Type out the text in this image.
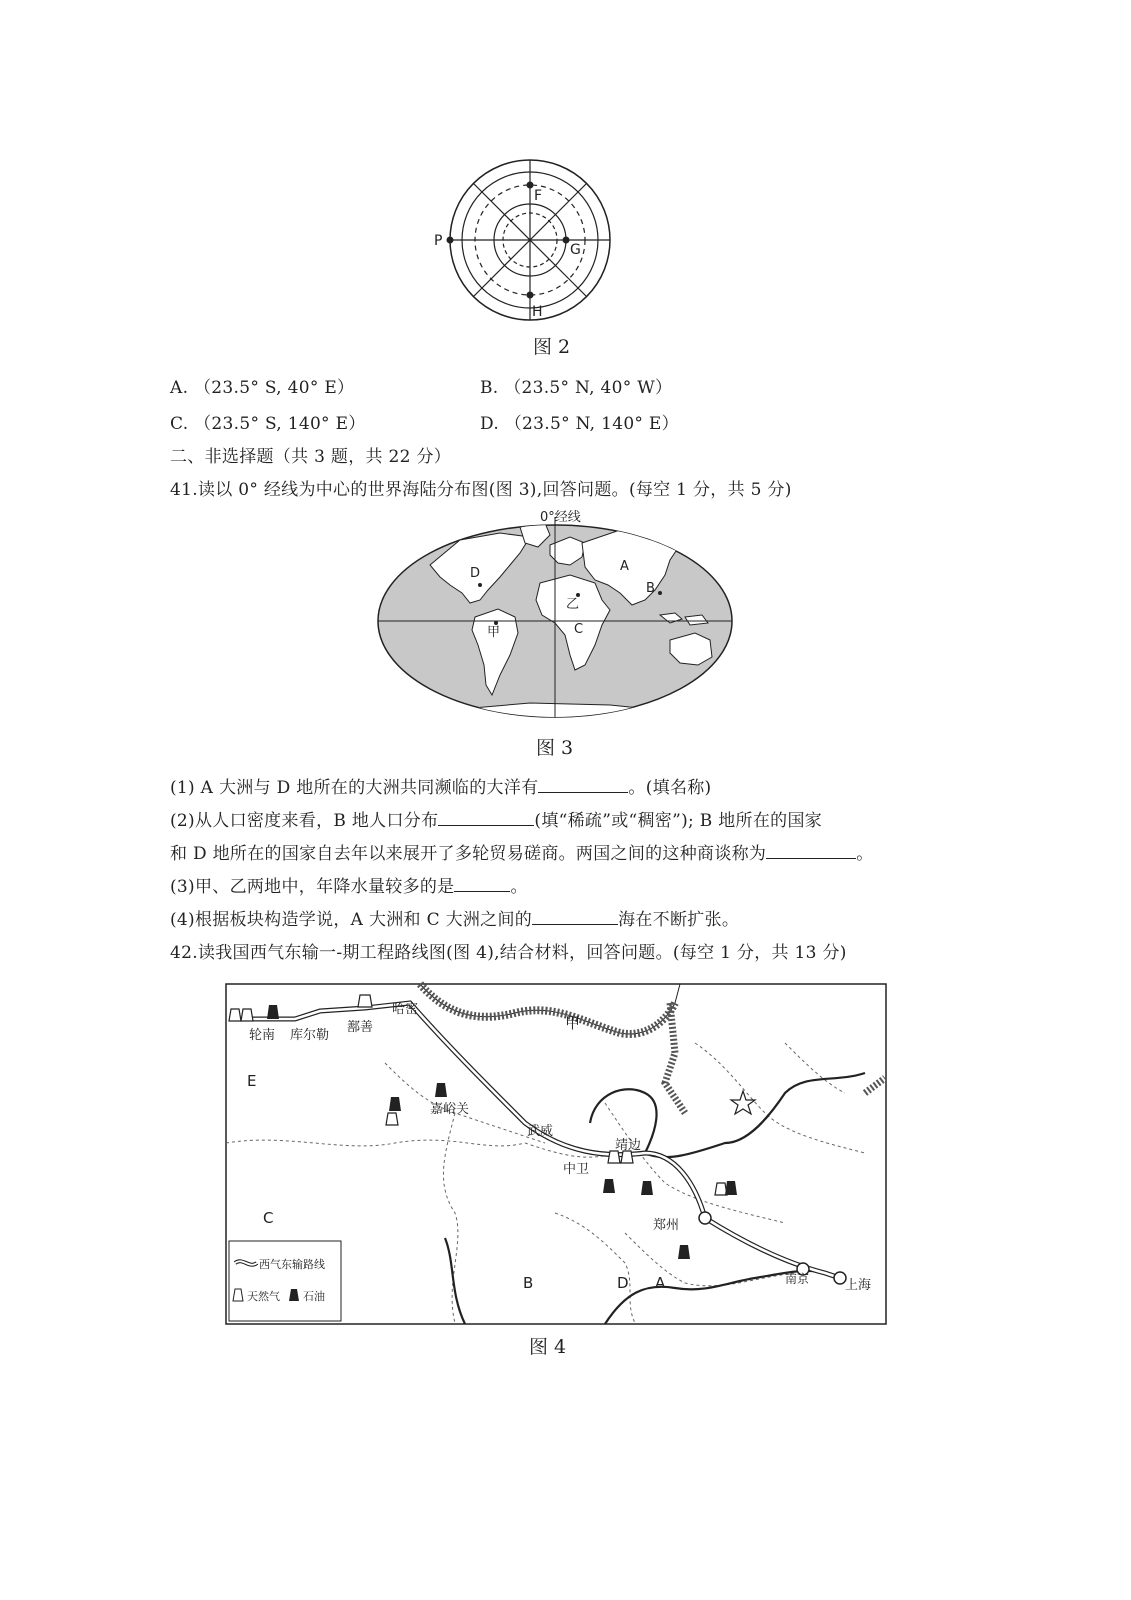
F
P
G
H
图 2
A. （23.5° S, 40° E）	B. （23.5° N, 40° W）
C. （23.5° S, 140° E）	D. （23.5° N, 140° E）
二、非选择题（共 3 题，共 22 分）
41.读以 0° 经线为中心的世界海陆分布图(图 3),回答问题。(每空 1 分，共 5 分)
0°经线
D	A
B
乙
甲	C
图 3
(1) A 大洲与 D 地所在的大洲共同濒临的大洋有	。(填名称)
(2)从人口密度来看，B 地人口分布	(填“稀疏”或“稠密”); B 地所在的国家
和 D 地所在的国家自去年以来展开了多轮贸易磋商。两国之间的这种商谈称为	。
(3)甲、乙两地中，年降水量较多的是	。
(4)根据板块构造学说，A 大洲和 C 大洲之间的	海在不断扩张。
42.读我国西气东输一-期工程路线图(图 4),结合材料，回答问题。(每空 1 分，共 13 分)
轮南 库尔勒
鄯善
哈密
嘉峪关
武威
中卫
靖边
郑州
南京	上海
甲
E
C
B	D A
西气东输路线
天然气 石油
图 4
